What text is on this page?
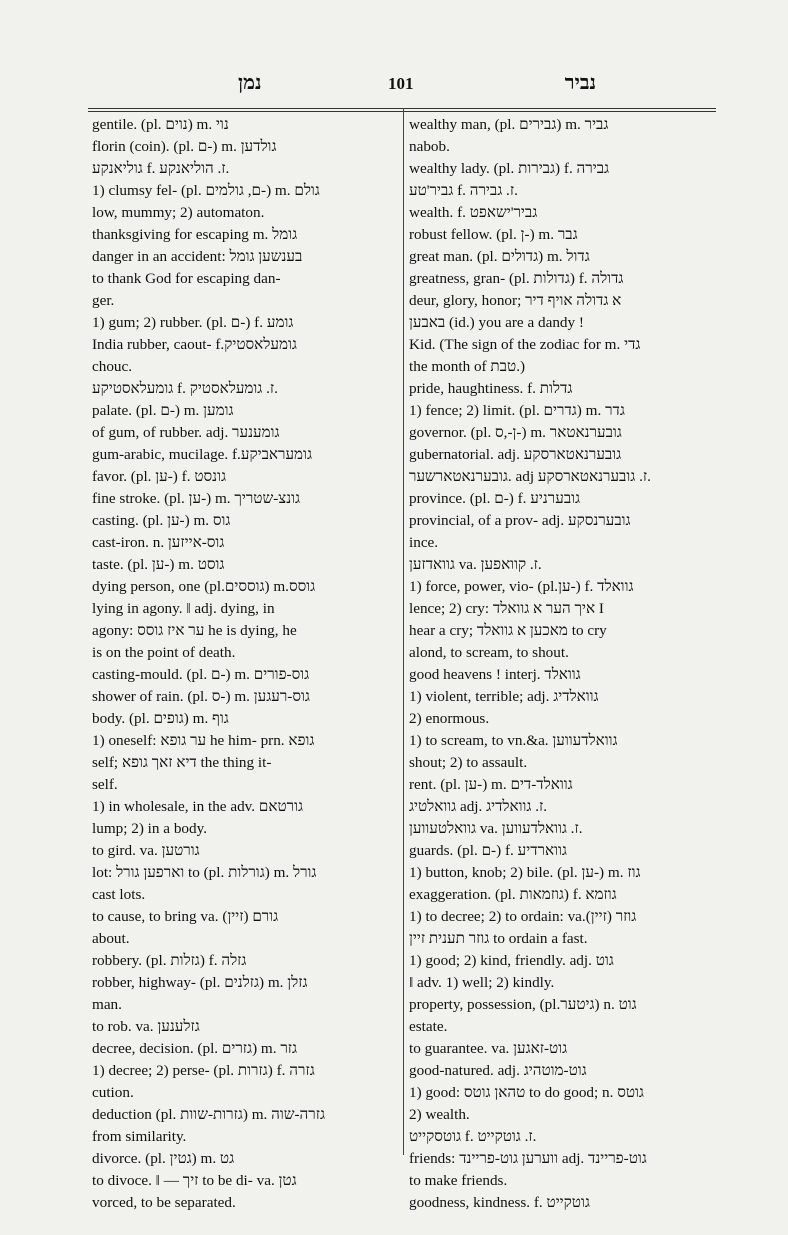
נמן	101	נביר
gentile. (pl. נוים) m. נוי
florin (coin). (pl. ם-) m. גולדען
גוליאנקע f. ז. הוליאנקע.
1) clumsy fel- (pl. ם, גולמים-) m. גולם
low, mummy; 2) automaton.
thanksgiving for escaping m. גומל
danger in an accident: בענשען גומל
to thank God for escaping dan-
ger.
1) gum; 2) rubber. (pl. ם-) f. גומע
India rubber, caout- f.גומעלאסטיק
chouc.
גומעלאסטיקע f. ז. גומעלאסטיק.
palate. (pl. ם-) m. גומען
of gum, of rubber. adj. גומענער
gum-arabic, mucilage. f.גומעראביקע
favor. (pl. ען-) f. גונסט
fine stroke. (pl. ען-) m. גונצ-שטריך
casting. (pl. ען-) m. גוס
cast-iron. n. גוס-אייזען
taste. (pl. ען-) m. גוסט
dying person, one (pl.גוססים) m.גוסס
lying in agony. ‖ adj. dying, in
agony: ער איז גוסס he is dying, he
is on the point of death.
casting-mould. (pl. ם-) m. גוס-פורים
shower of rain. (pl. ס-) m. גוס-רעגען
body. (pl. גופים) m. גוף
1) oneself: ער גופא he him- prn. גופא
self; דיא זאך גופא the thing it-
self.
1) in wholesale, in the adv. גורטאם
lump; 2) in a body.
to gird. va. גורטען
lot: וארפען גורל to (pl. גורלות) m. גורל
cast lots.
to cause, to bring va. (זיין) גורם
about.
robbery. (pl. גזלות) f. גזלה
robber, highway- (pl. גזלנים) m. גזלן
man.
to rob. va. גזלענען
decree, decision. (pl. גזרים) m. גזר
1) decree; 2) perse- (pl. גזרות) f. גזרה
cution.
deduction (pl. גזרות-שוות) m. גזרה-שוה
from similarity.
divorce. (pl. גטין) m. גט
to divoce. ‖ — זיך to be di- va. גטן
vorced, to be separated.
wealthy man, (pl. גבירים) m. גביר
nabob.
wealthy lady. (pl. גבירות) f. גבירה
גביר'טע f. ז. גבירה.
wealth. f. גביר'ישאפט
robust fellow. (pl. ן-) m. גבר
great man. (pl. גדולים) m. גדול
greatness, gran- (pl. גדולות) f. גדולה
deur, glory, honor; א גדולה אויף דיר
באבען (id.) you are a dandy !
Kid. (The sign of the zodiac for m. גדי
the month of טבת.)
pride, haughtiness. f. גדלות
1) fence; 2) limit. (pl. גדרים) m. גדר
governor. (pl. ן-,ס-) m. גובערנאטאר
gubernatorial. adj. גובערנאטארסקע
גובערנאטארשער. adj ז. גובערנאטארסקע.
province. (pl. ם-) f. גובערניע
provincial, of a prov- adj. גובערנסקע
ince.
גוואדזען va. ז. קוואפען.
1) force, power, vio- (pl.ען-) f. גוואלד
lence; 2) cry: איך הער א גוואלד I
hear a cry; מאכען א גוואלד to cry
alond, to scream, to shout.
good heavens ! interj. גוואלד
1) violent, terrible; adj. גוואלדיג
2) enormous.
1) to scream, to vn.&a. גוואלדעווען
shout; 2) to assault.
rent. (pl. ען-) m. גוואלד-דים
גוואלטיג adj. ז. גוואלדיג.
גוואלטעווען va. ז. גוואלדעווען.
guards. (pl. ם-) f. גווארדיע
1) button, knob; 2) bile. (pl. ען-) m. גוז
exaggeration. (pl. גוזמאות) f. גוזמא
1) to decree; 2) to ordain: va.(זיין) גוזר
גוזר תענית זיין to ordain a fast.
1) good; 2) kind, friendly. adj. גוט
‖ adv. 1) well; 2) kindly.
property, possession, (pl.גיטער) n. גוט
estate.
to guarantee. va. גוט-זאגען
good-natured. adj. גוט-מוטהיג
1) good: טהאן גוטס to do good; n. גוטס
2) wealth.
גוטסקייט f. ז. גוטקייט.
friends: ווערען גוט-פריינד adj. גוט-פריינד
to make friends.
goodness, kindness. f. גוטקייט
